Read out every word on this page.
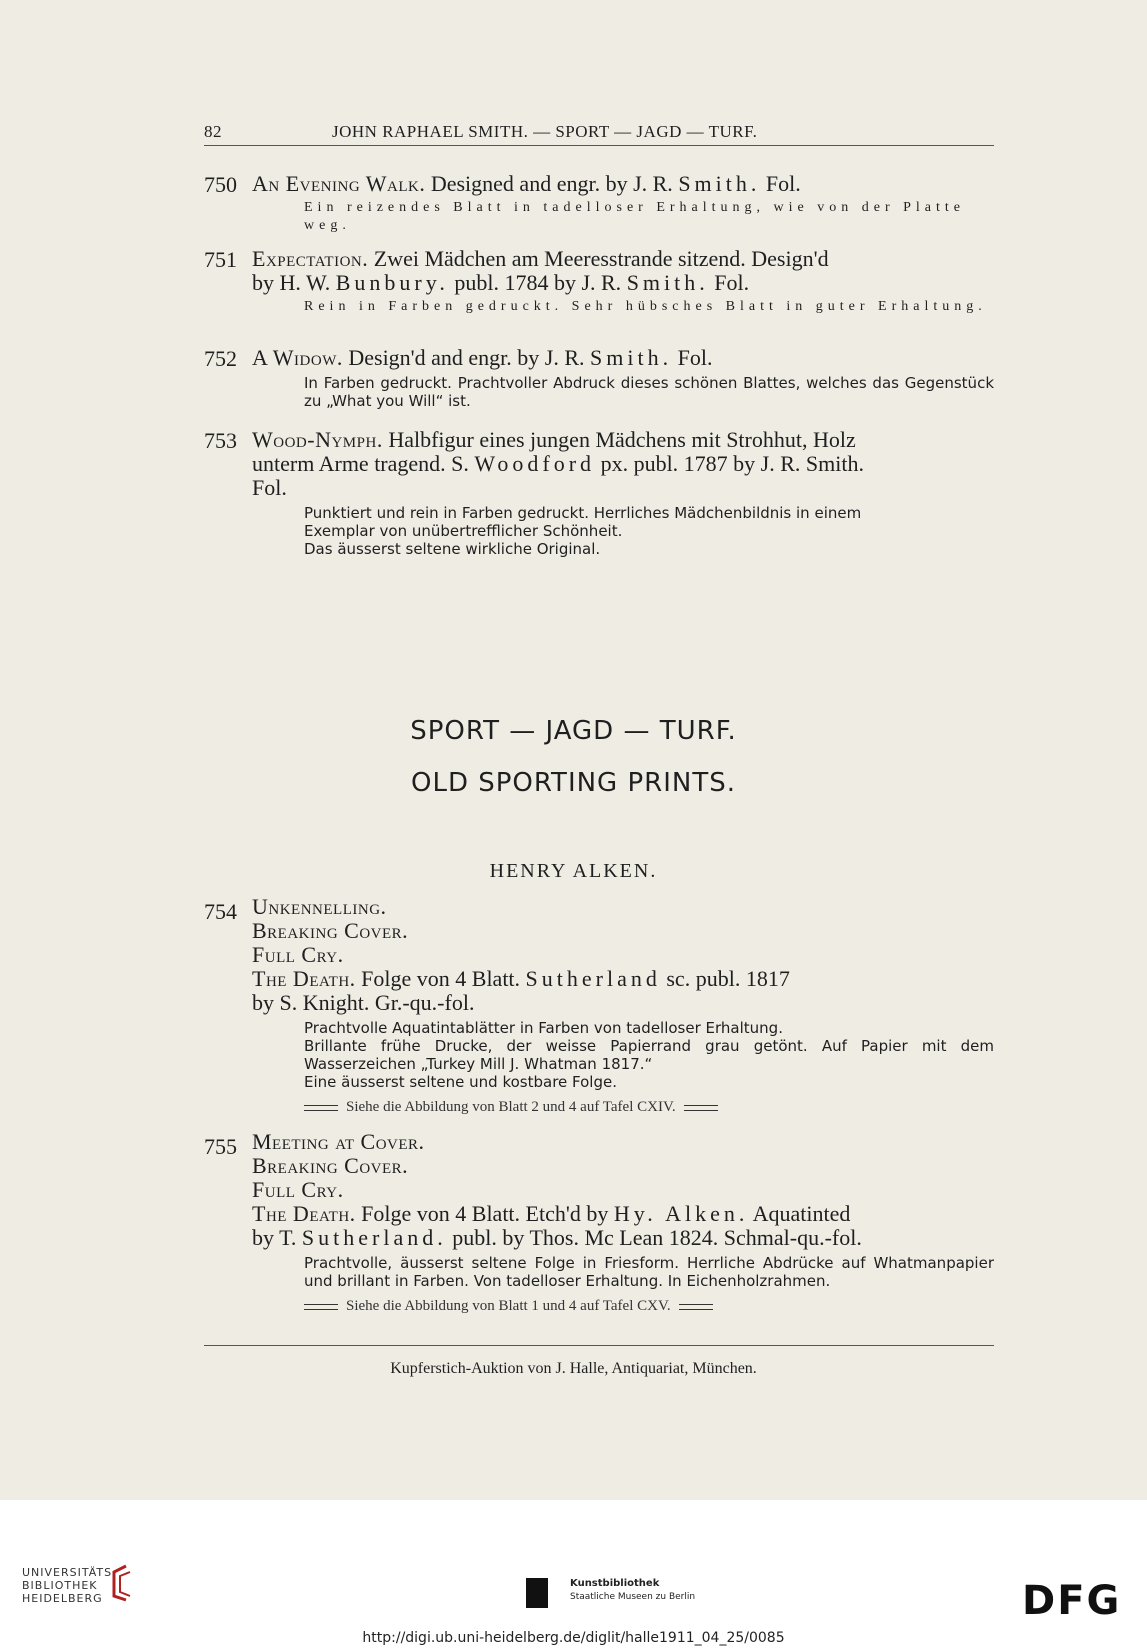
82	JOHN RAPHAEL SMITH. — SPORT — JAGD — TURF.
750 An Evening Walk. Designed and engr. by J. R. Smith. Fol.
Ein reizendes Blatt in tadelloser Erhaltung, wie von der Platte weg.
751 Expectation. Zwei Mädchen am Meeresstrande sitzend. Design'd
by H. W. Bunbury. publ. 1784 by J. R. Smith. Fol.
Rein in Farben gedruckt. Sehr hübsches Blatt in guter Erhaltung.
752 A Widow. Design'd and engr. by J. R. Smith. Fol.
In Farben gedruckt. Prachtvoller Abdruck dieses schönen Blattes, welches das Gegenstück zu „What you Will“ ist.
753 Wood-Nymph. Halbfigur eines jungen Mädchens mit Strohhut, Holz
unterm Arme tragend. S. Woodford px. publ. 1787 by J. R. Smith.
Fol.
Punktiert und rein in Farben gedruckt. Herrliches Mädchenbildnis in einem
Exemplar von unübertrefflicher Schönheit.
Das äusserst seltene wirkliche Original.
SPORT — JAGD — TURF.
OLD SPORTING PRINTS.
HENRY ALKEN.
754 Unkennelling.
Breaking Cover.
Full Cry.
The Death. Folge von 4 Blatt. Sutherland sc. publ. 1817
by S. Knight. Gr.-qu.-fol.
Prachtvolle Aquatintablätter in Farben von tadelloser Erhaltung.
Brillante frühe Drucke, der weisse Papierrand grau getönt. Auf Papier mit dem Wasserzeichen „Turkey Mill J. Whatman 1817.“
Eine äusserst seltene und kostbare Folge.
Siehe die Abbildung von Blatt 2 und 4 auf Tafel CXIV.
755 Meeting at Cover.
Breaking Cover.
Full Cry.
The Death. Folge von 4 Blatt. Etch'd by Hy. Alken. Aquatinted
by T. Sutherland. publ. by Thos. Mc Lean 1824. Schmal-qu.-fol.
Prachtvolle, äusserst seltene Folge in Friesform. Herrliche Abdrücke auf Whatmanpapier und brillant in Farben. Von tadelloser Erhaltung. In Eichenholzrahmen.
Siehe die Abbildung von Blatt 1 und 4 auf Tafel CXV.
Kupferstich-Auktion von J. Halle, Antiquariat, München.
UNIVERSITÄTS-
BIBLIOTHEK
HEIDELBERG
Kunstbibliothek
Staatliche Museen zu Berlin	DFG
http://digi.ub.uni-heidelberg.de/diglit/halle1911_04_25/0085
